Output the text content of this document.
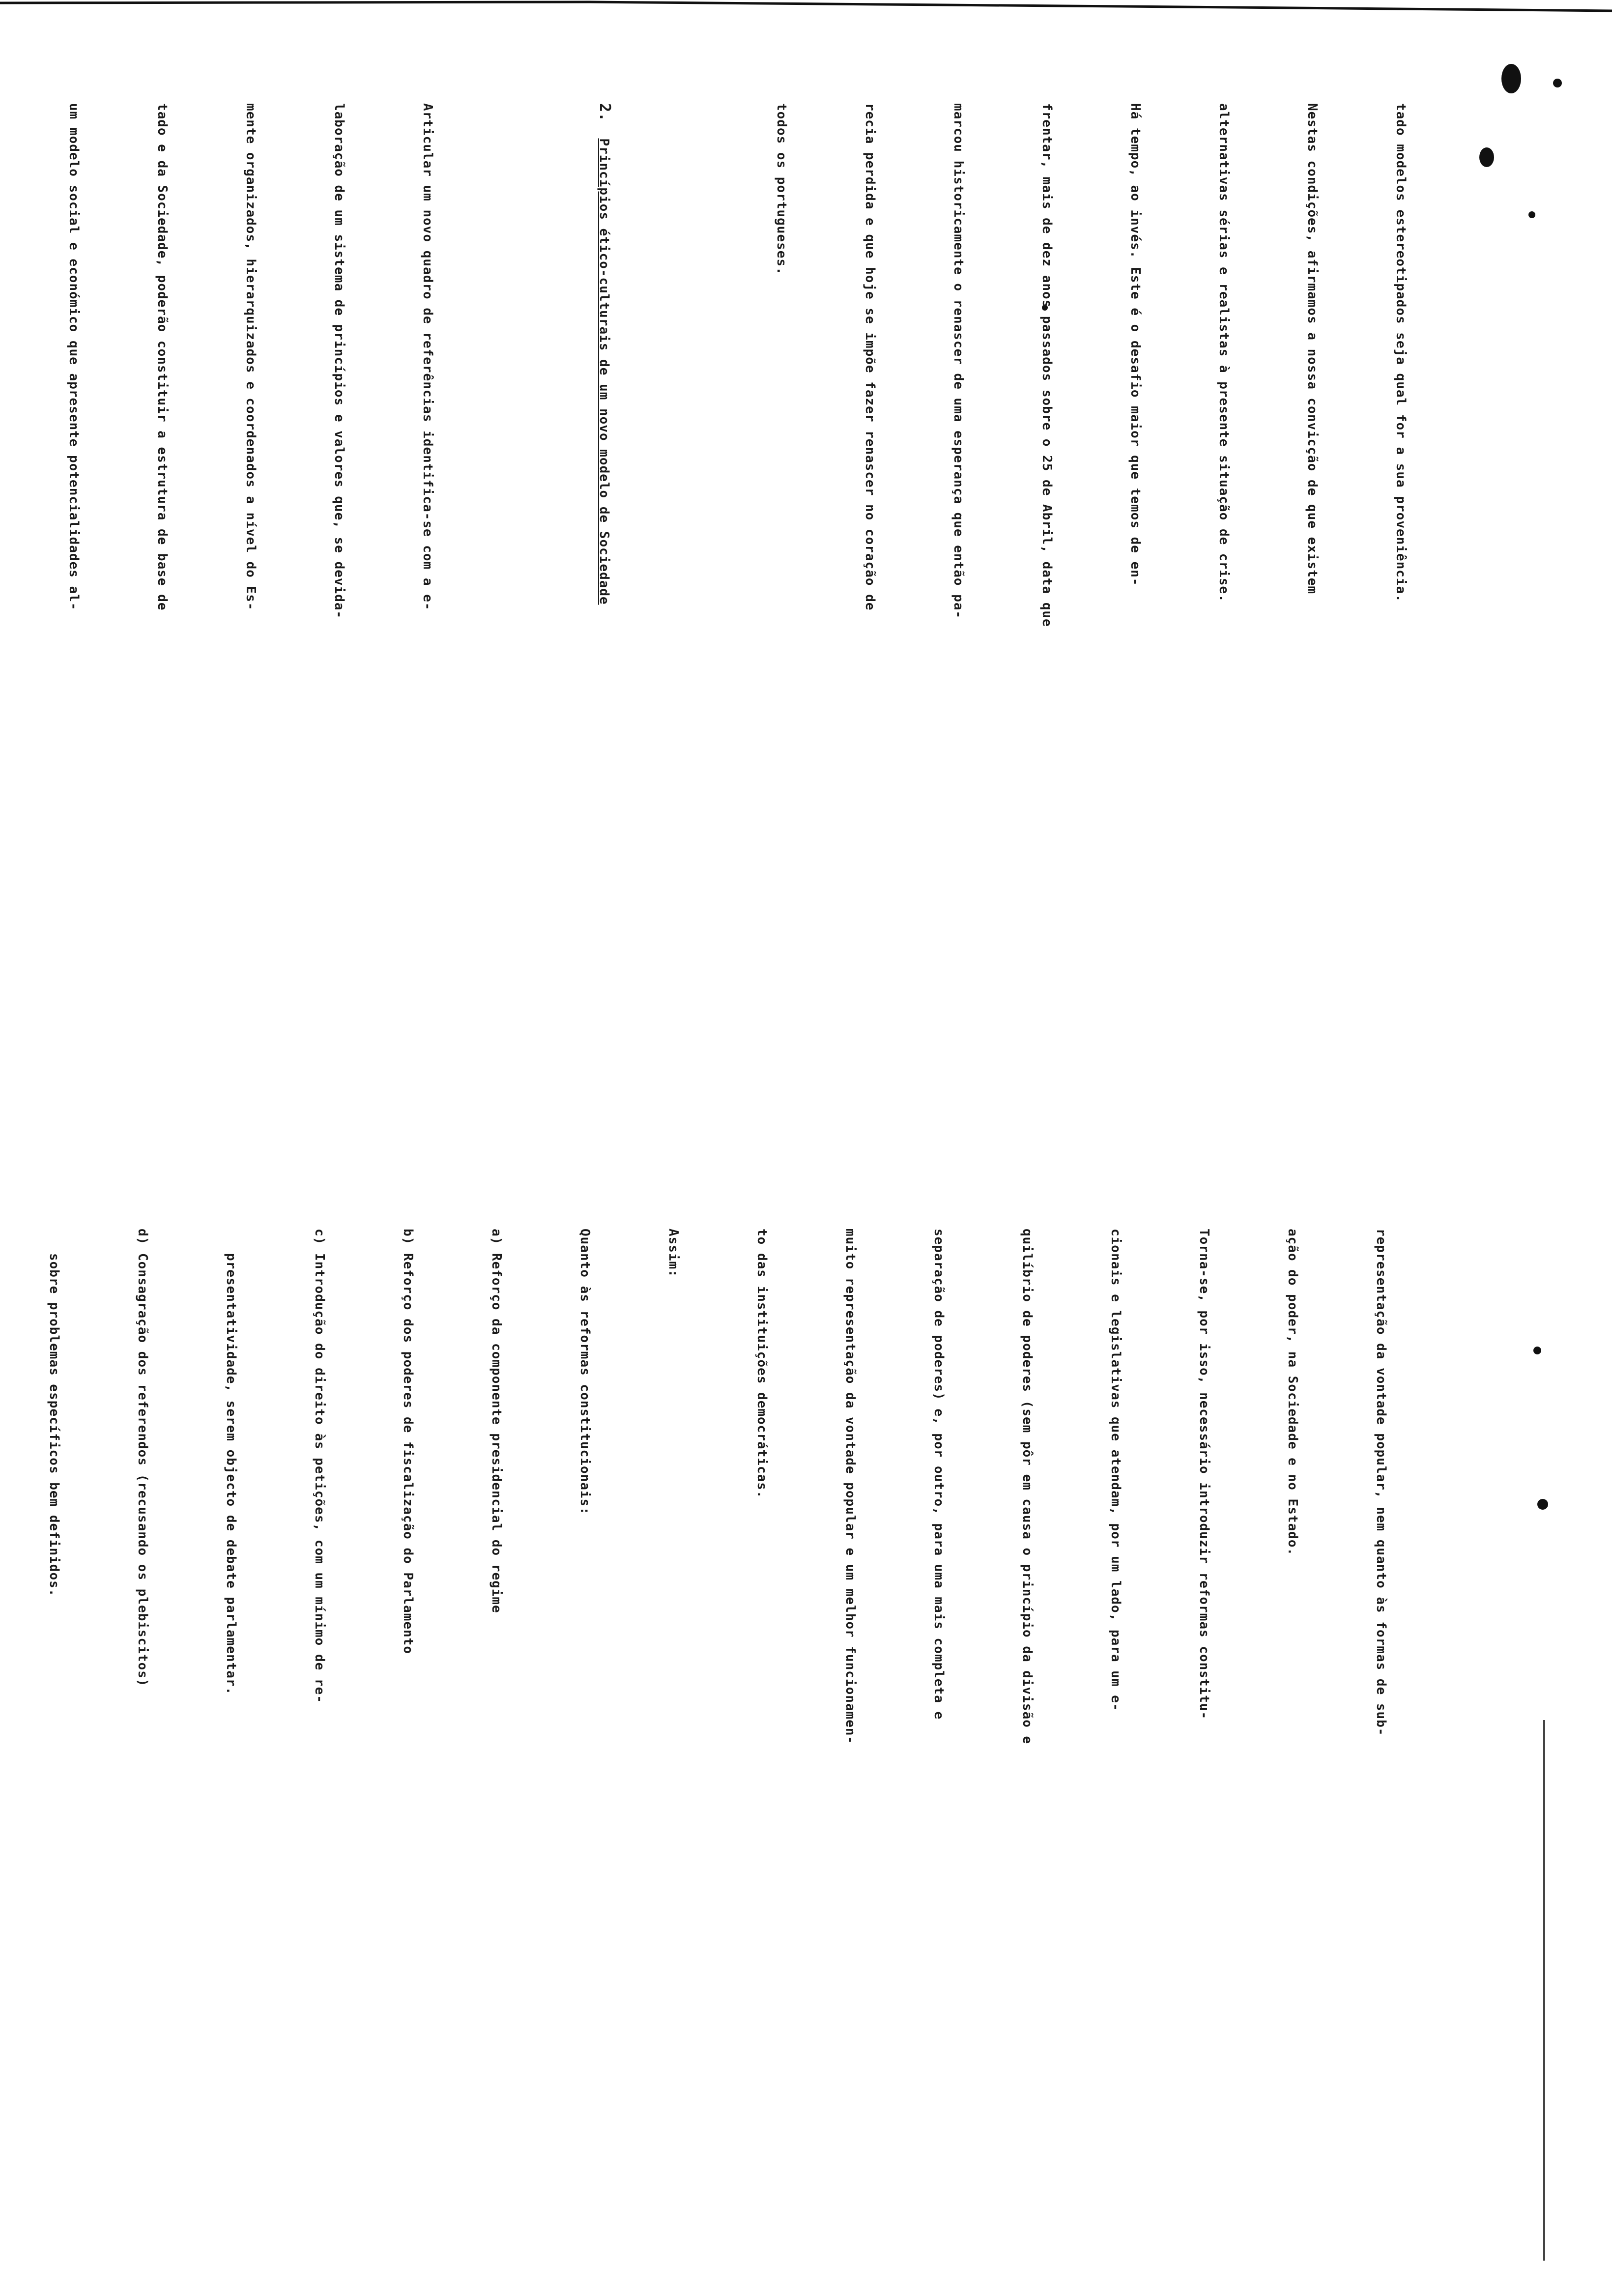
tado modelos estereotipados seja qual for a sua proveniência.

Nestas condições, afirmamos a nossa convicção de que existem

alternativas sérias e realistas à presente situação de crise.

Há tempo, ao invés. Este é o desafio maior que temos de en-

frentar, mais de dez anos passados sobre o 25 de Abril, data que

marcou historicamente o renascer de uma esperança que então pa-

recia perdida e que hoje se impõe fazer renascer no coração de

todos os portugueses.

2.  Princípios ético-culturais de um novo modelo de Sociedade

Articular um novo quadro de referências identifica-se com a e-

laboração de um sistema de princípios e valores que, se devida-

mente organizados, hierarquizados e coordenados a nível do Es-

tado e da Sociedade, poderão constituir a estrutura de base de

um modelo social e económico que apresente potencialidades al-

representação da vontade popular, nem quanto às formas de sub-

ação do poder, na Sociedade e no Estado.

Torna-se, por isso, necessário introduzir reformas constitu-

cionais e legislativas que atendam, por um lado, para um e-

quilíbrio de poderes (sem pôr em causa o princípio da divisão e

separação de poderes) e, por outro, para uma mais completa e

muito representação da vontade popular e um melhor funcionamen-

to das instituições democráticas.

Assim:

Quanto às reformas constitucionais:

a) Reforço da componente presidencial do regime

b) Reforço dos poderes de fiscalização do Parlamento

c) Introdução do direito às petições, com um mínimo de re-

presentatividade, serem objecto de debate parlamentar.

d) Consagração dos referendos (recusando os plebiscitos)

sobre problemas específicos bem definidos.
